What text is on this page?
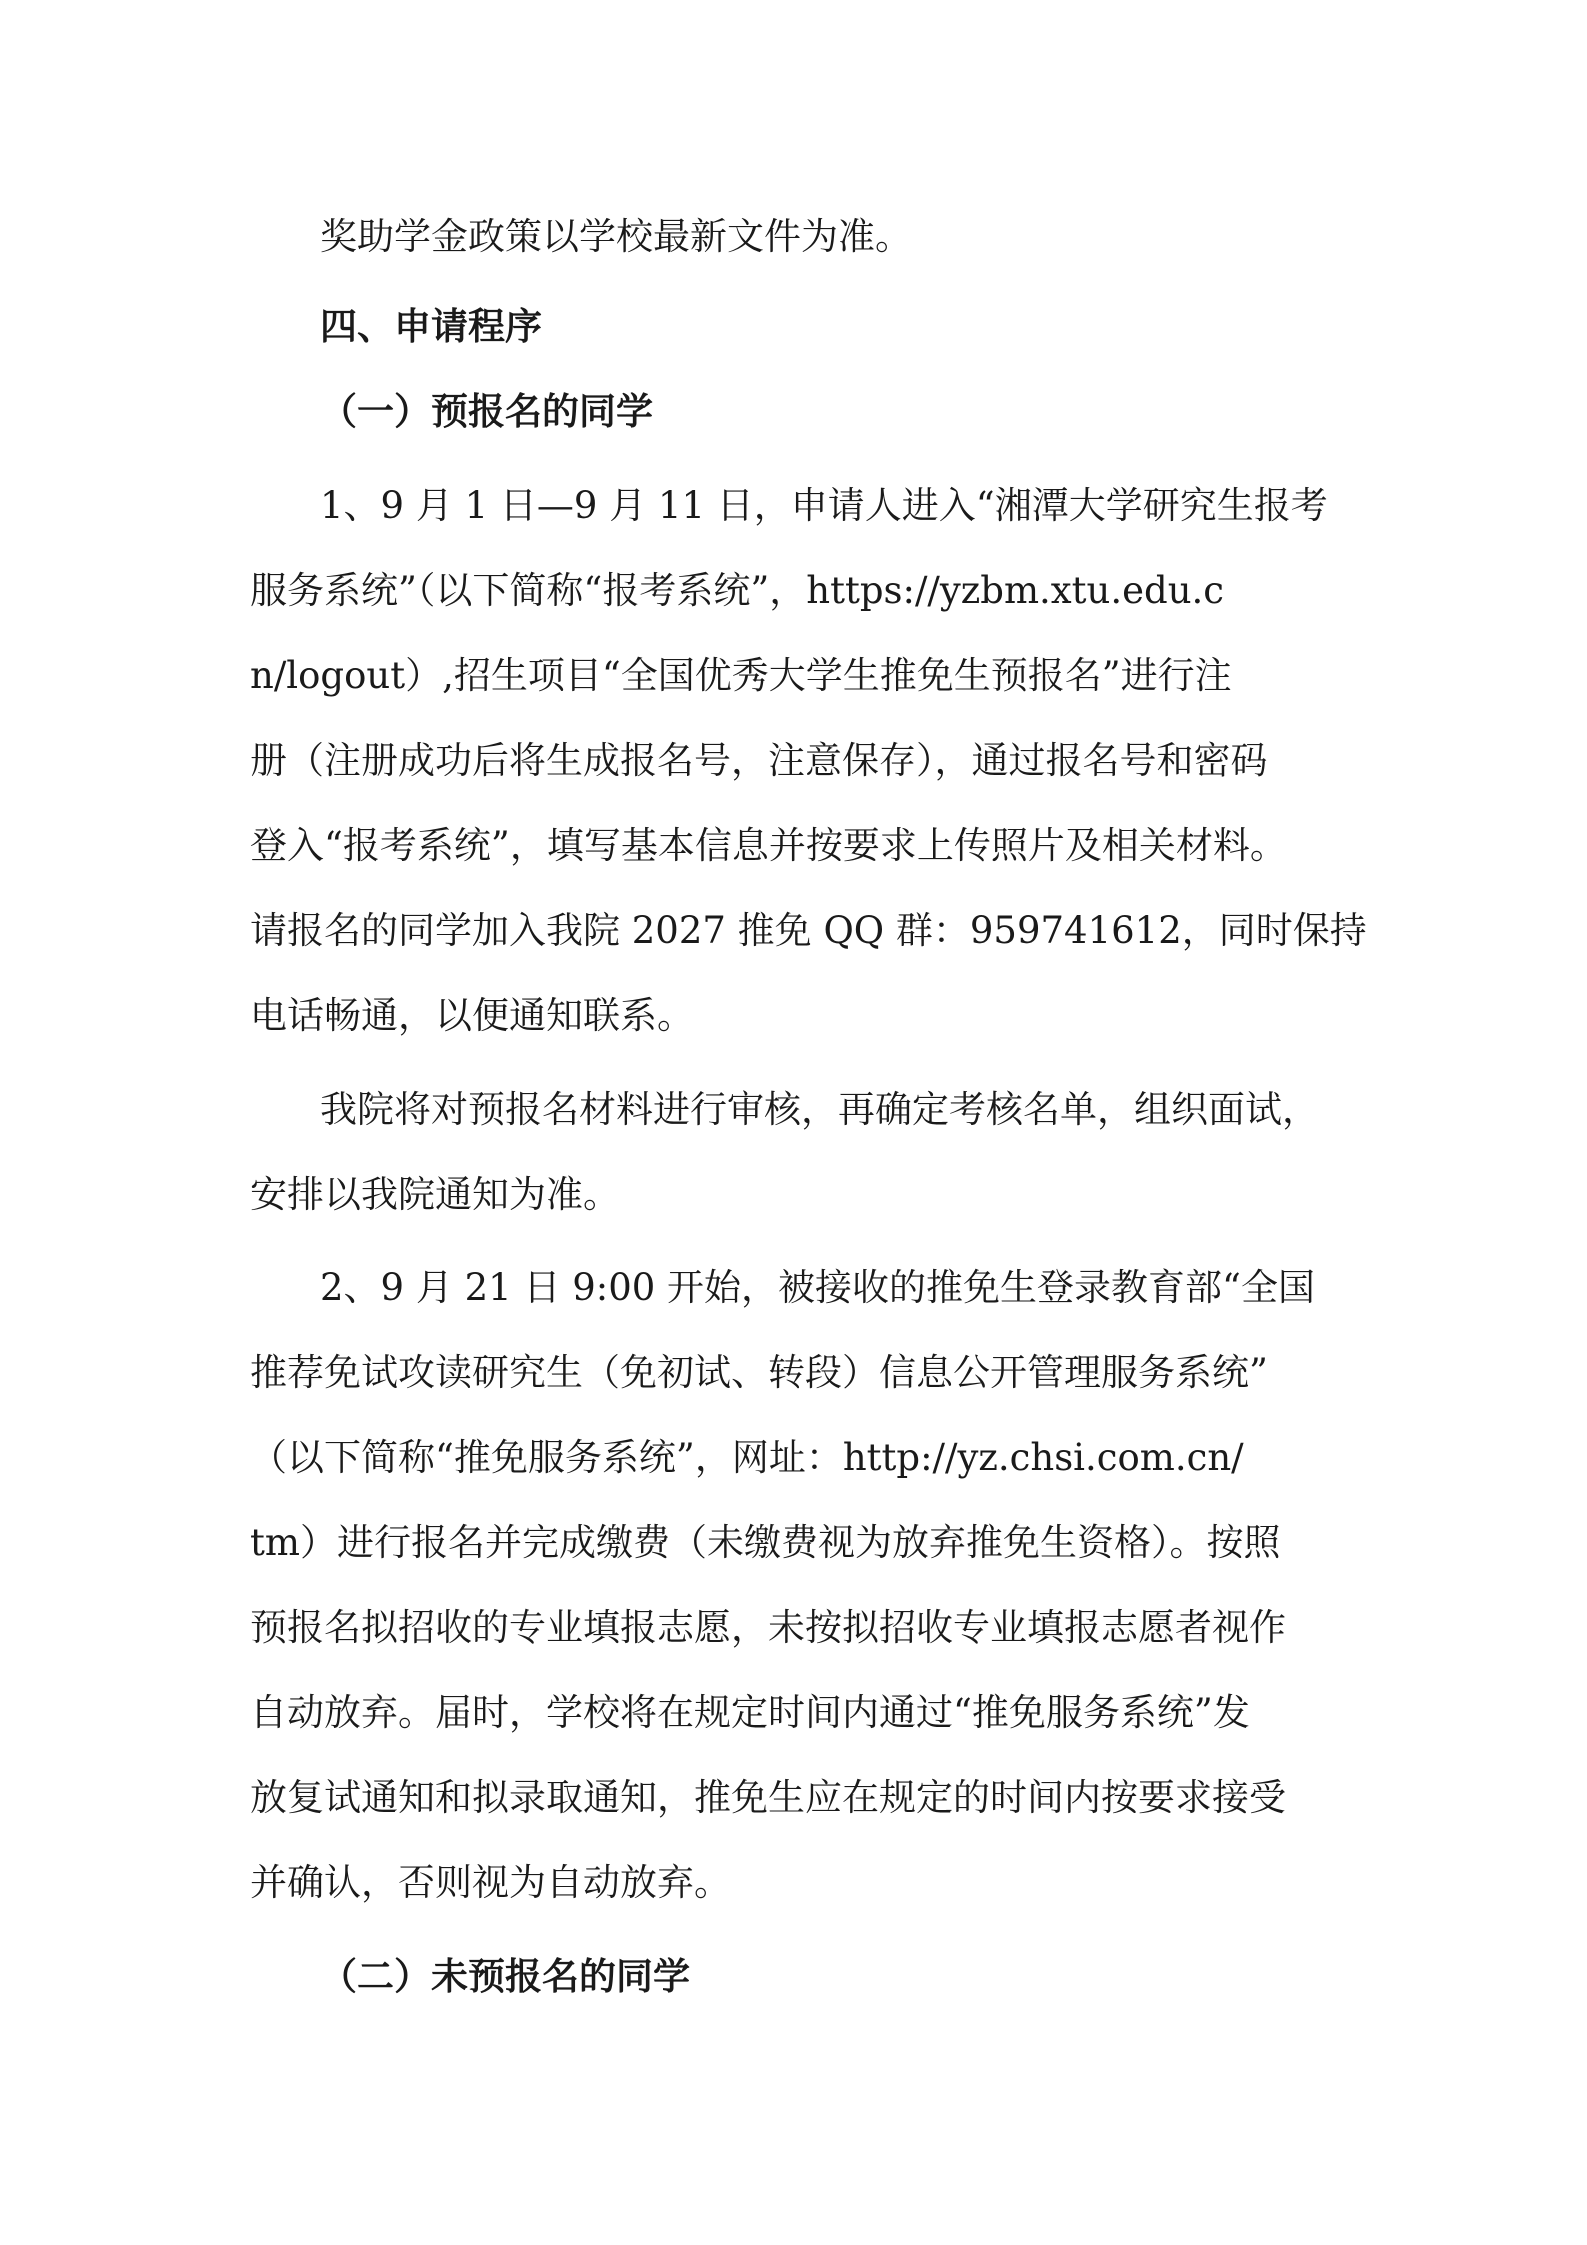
奖助学金政策以学校最新文件为准。
四、申请程序
（一）预报名的同学
1、9 月 1 日—9 月 11 日，申请人进入“湘潭大学研究生报考
服务系统”（以下简称“报考系统”，https://yzbm.xtu.edu.c
n/logout）,招生项目“全国优秀大学生推免生预报名”进行注
册（注册成功后将生成报名号，注意保存），通过报名号和密码
登入“报考系统”，填写基本信息并按要求上传照片及相关材料。
请报名的同学加入我院 2027 推免 QQ 群：959741612，同时保持
电话畅通，以便通知联系。
我院将对预报名材料进行审核，再确定考核名单，组织面试，
安排以我院通知为准。
2、9 月 21 日 9:00 开始，被接收的推免生登录教育部“全国
推荐免试攻读研究生（免初试、转段）信息公开管理服务系统”
（以下简称“推免服务系统”，网址：http://yz.chsi.com.cn/
tm）进行报名并完成缴费（未缴费视为放弃推免生资格）。按照
预报名拟招收的专业填报志愿，未按拟招收专业填报志愿者视作
自动放弃。届时，学校将在规定时间内通过“推免服务系统”发
放复试通知和拟录取通知，推免生应在规定的时间内按要求接受
并确认，否则视为自动放弃。
（二）未预报名的同学
